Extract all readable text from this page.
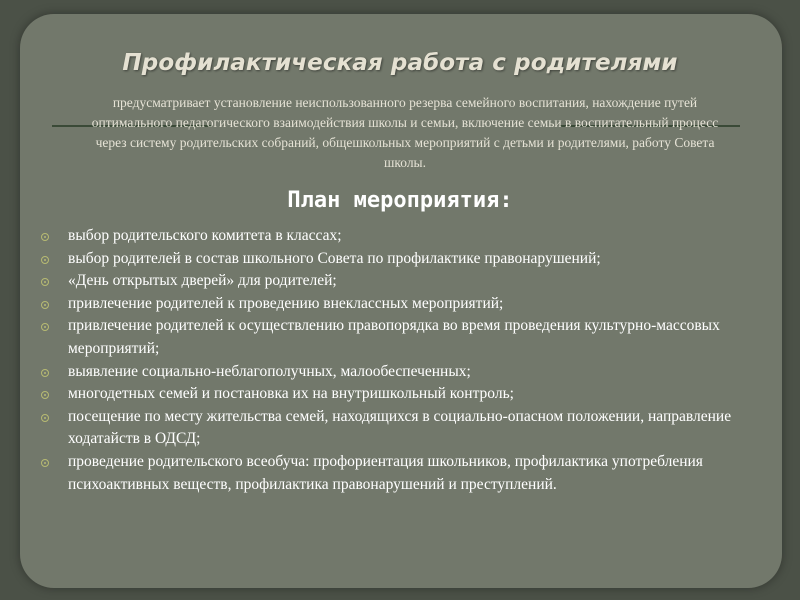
Профилактическая работа с родителями
предусматривает установление неиспользованного резерва семейного воспитания, нахождение путей оптимального педагогического взаимодействия школы и семьи, включение семьи в воспитательный процесс через систему родительских собраний, общешкольных мероприятий с детьми и родителями, работу Совета школы.
План мероприятия:
выбор родительского комитета в классах;
выбор родителей в состав школьного Совета по профилактике правонарушений;
«День открытых дверей» для родителей;
привлечение родителей к проведению внеклассных мероприятий;
привлечение родителей к осуществлению правопорядка во время проведения культурно-массовых мероприятий;
выявление социально-неблагополучных, малообеспеченных;
многодетных семей и постановка их на внутришкольный контроль;
посещение по месту жительства семей, находящихся в социально-опасном положении, направление ходатайств в ОДСД;
проведение родительского всеобуча: профориентация школьников, профилактика употребления психоактивных веществ, профилактика правонарушений и преступлений.
